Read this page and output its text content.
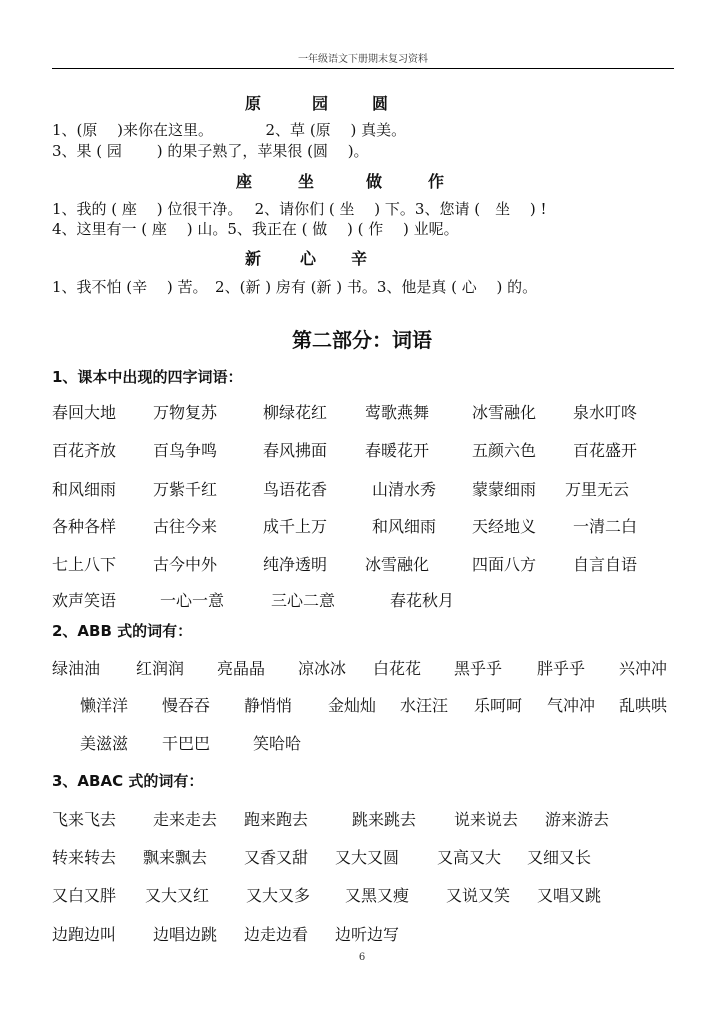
一年级语文下册期末复习资料
原	园	圆
1、(原　 )来你在这里。　　　　2、草 (原　 ) 真美。
3、果 ( 园　　 ) 的果子熟了，苹果很 (圆　 )。
座	坐	做	作
1、我的 ( 座 　) 位很干净。　 2、请你们 ( 坐　 ) 下。3、您请 (　坐　 ) !
4、这里有一 ( 座 　) 山。5、我正在 ( 做　 ) ( 作　 ) 业呢。
新 心 辛
1、我不怕 (辛　 ) 苦。　2、(新 ) 房有 (新 ) 书。3、他是真 ( 心　 ) 的。
第二部分：词语
1、课本中出现的四字词语：
春回大地 万物复苏	柳绿花红 莺歌燕舞	冰雪融化 泉水叮咚
百花齐放 百鸟争鸣	春风拂面 春暖花开	五颜六色 百花盛开
和风细雨 万紫千红	鸟语花香	山清水秀 蒙蒙细雨 万里无云
各种各样 古往今来	成千上万	和风细雨 天经地义 一清二白
七上八下 古今中外	纯净透明 冰雪融化	四面八方 自言自语
欢声笑语	一心一意	三心二意	春花秋月
2、ABB 式的词有：
绿油油 红润润 亮晶晶 凉冰冰 白花花 黑乎乎 胖乎乎 兴冲冲
懒洋洋 慢吞吞 静悄悄 金灿灿 水汪汪 乐呵呵 气冲冲 乱哄哄
美滋滋 干巴巴	笑哈哈
3、ABAC 式的词有：
飞来飞去 走来走去 跑来跑去	跳来跳去 说来说去 游来游去
转来转去 飘来飘去 又香又甜 又大又圆 又高又大 又细又长
又白又胖 又大又红 又大又多 又黑又瘦 又说又笑 又唱又跳
边跑边叫 边唱边跳 边走边看 边听边写
6
